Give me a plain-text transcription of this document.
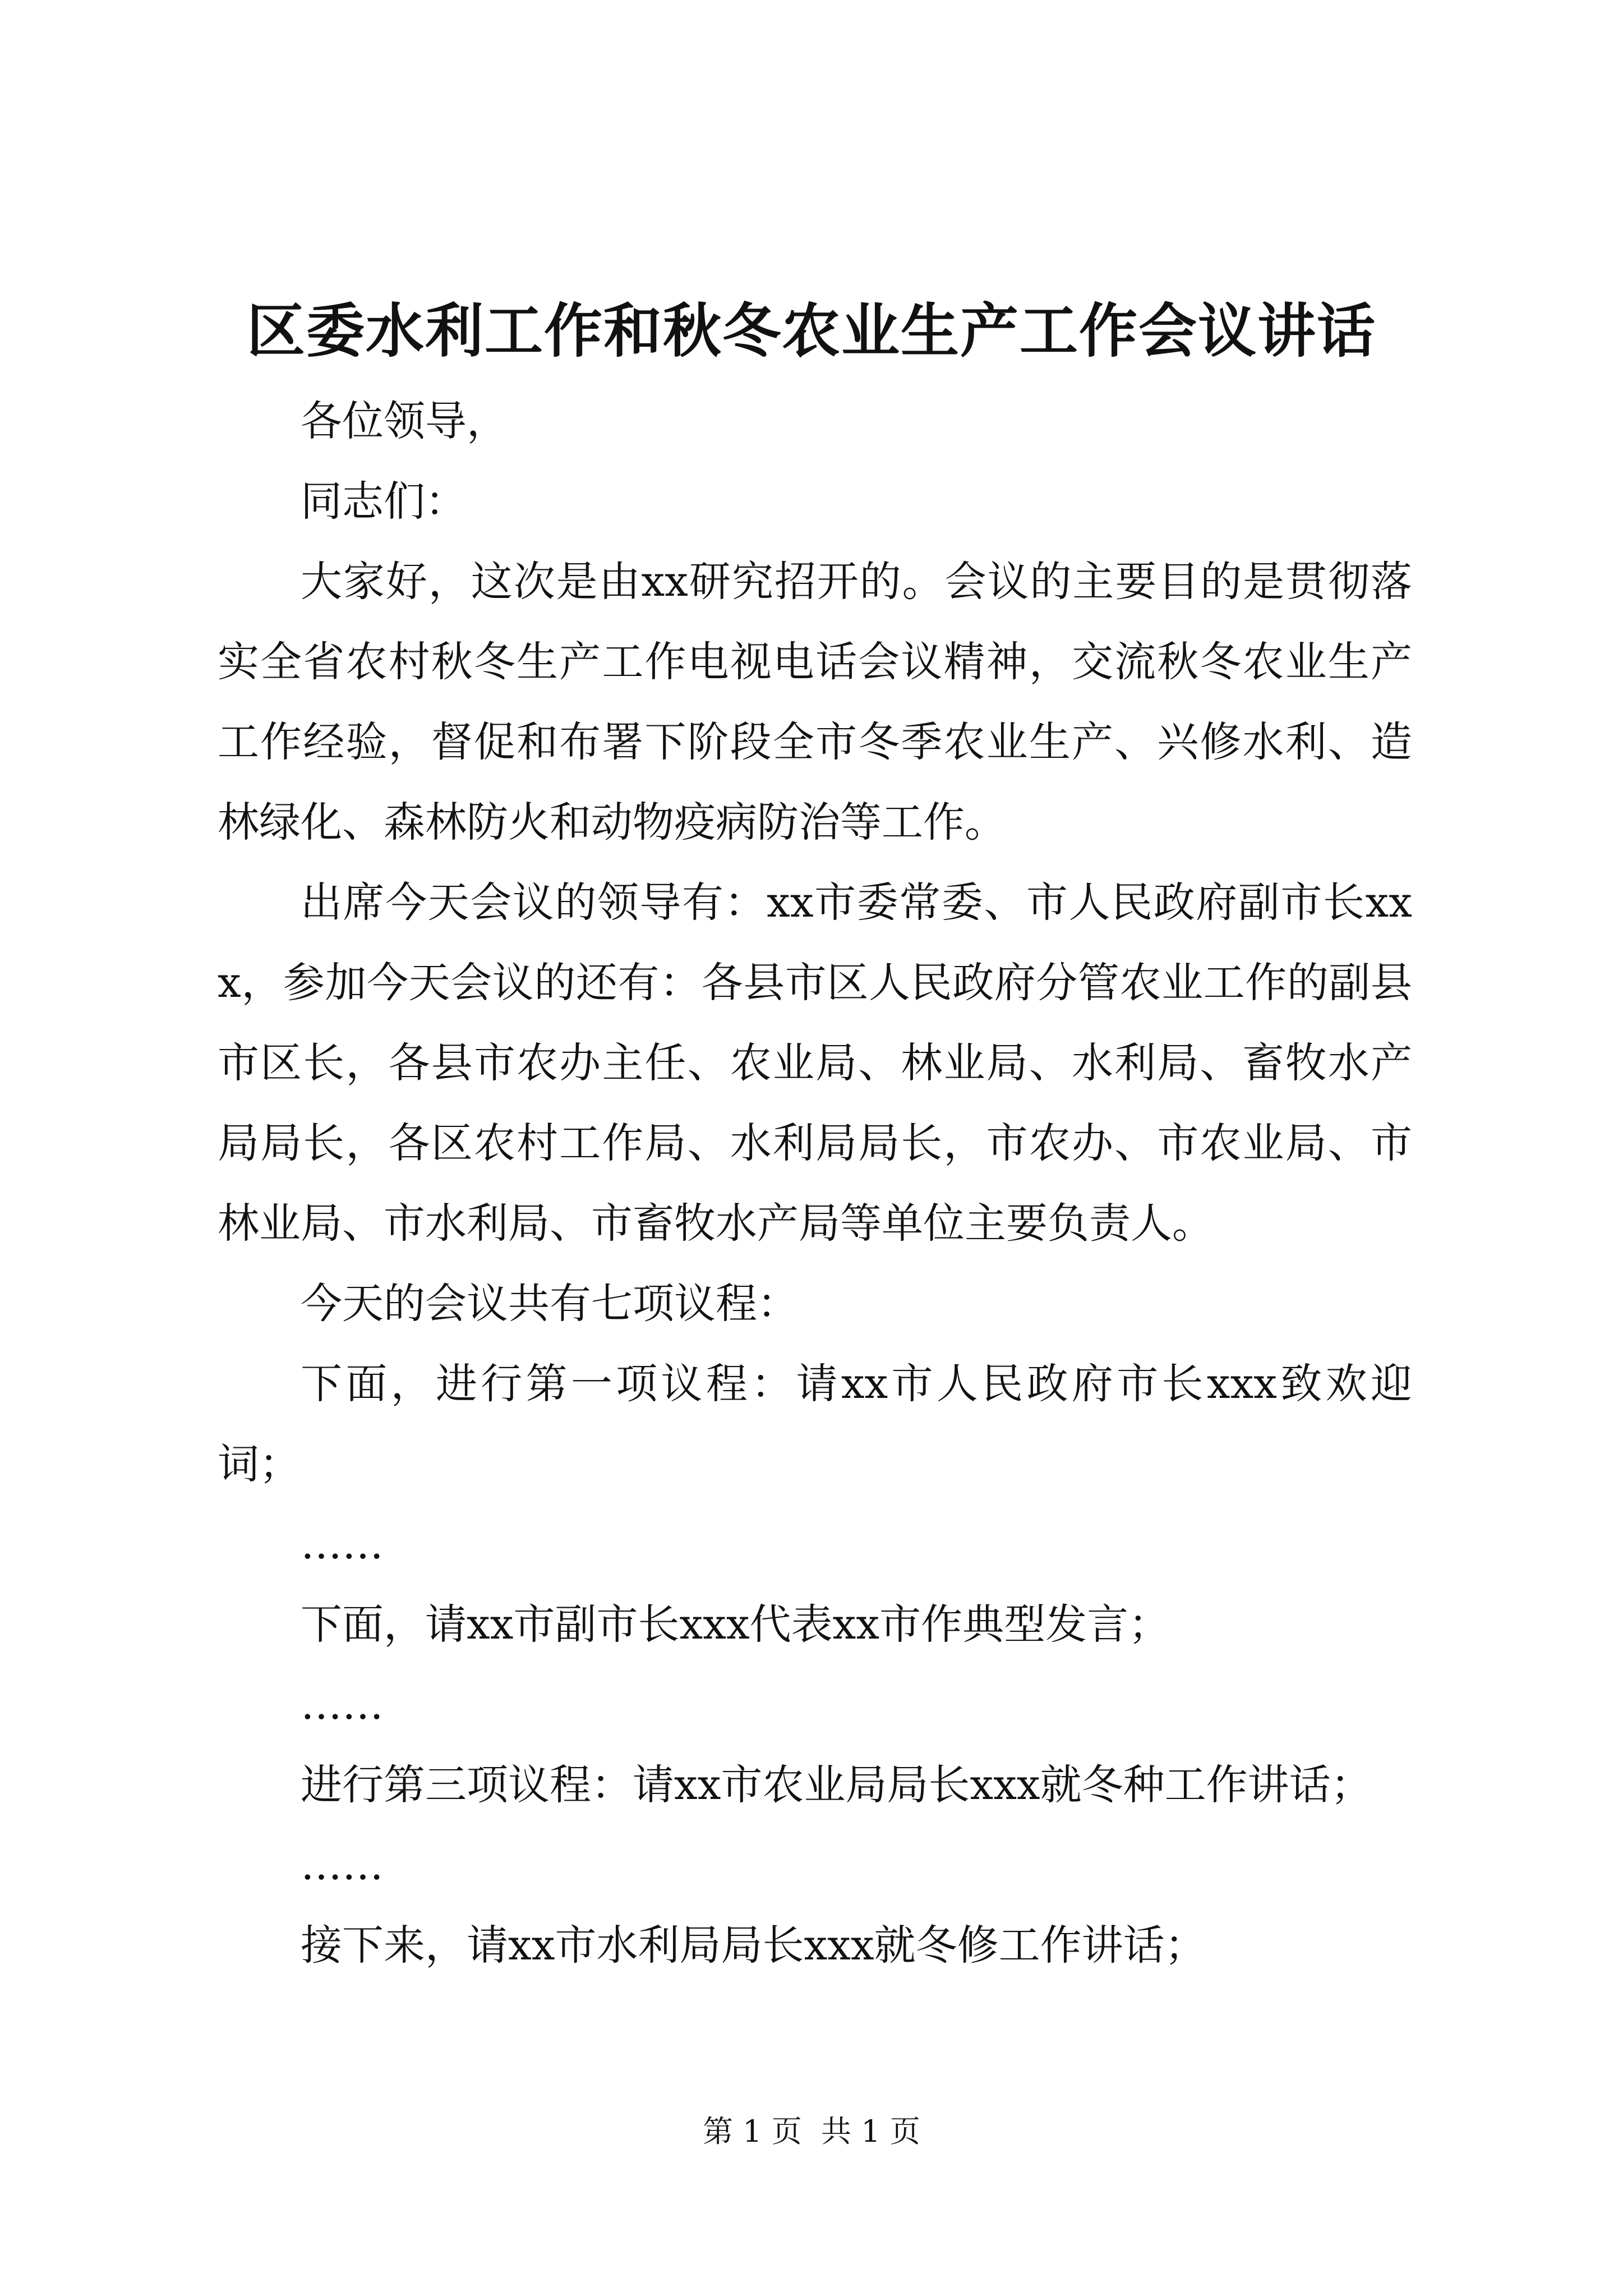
区委水利工作和秋冬农业生产工作会议讲话

各位领导，

同志们：

大家好，这次是由xx研究招开的。会议的主要目的是贯彻落实全省农村秋冬生产工作电视电话会议精神，交流秋冬农业生产工作经验，督促和布署下阶段全市冬季农业生产、兴修水利、造林绿化、森林防火和动物疫病防治等工作。

出席今天会议的领导有：xx市委常委、市人民政府副市长xxx，参加今天会议的还有：各县市区人民政府分管农业工作的副县市区长，各县市农办主任、农业局、林业局、水利局、畜牧水产局局长，各区农村工作局、水利局局长，市农办、市农业局、市林业局、市水利局、市畜牧水产局等单位主要负责人。

今天的会议共有七项议程：

下面，进行第一项议程：请xx市人民政府市长xxx致欢迎词；

……

下面，请xx市副市长xxx代表xx市作典型发言；

……

进行第三项议程：请xx市农业局局长xxx就冬种工作讲话；

……

接下来，请xx市水利局局长xxx就冬修工作讲话；

第 1 页  共 1 页
